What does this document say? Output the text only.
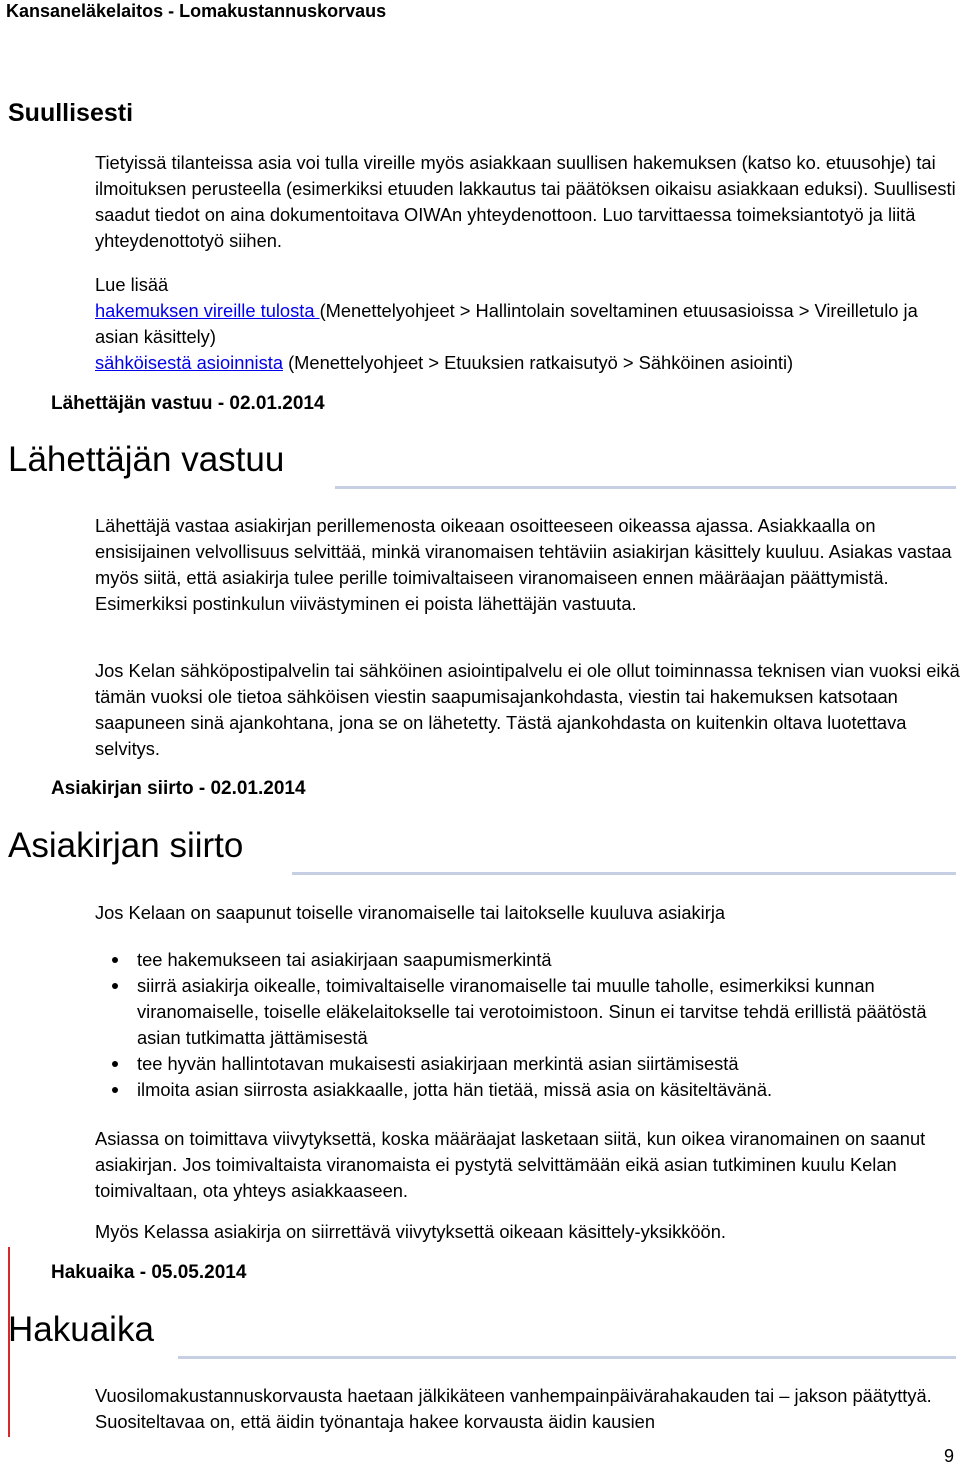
Kansaneläkelaitos - Lomakustannuskorvaus
Suullisesti

Tietyissä tilanteissa asia voi tulla vireille myös asiakkaan suullisen hakemuksen (katso ko. etuusohje) tai ilmoituksen perusteella (esimerkiksi etuuden lakkautus tai päätöksen oikaisu asiakkaan eduksi). Suullisesti saadut tiedot on aina dokumentoitava OIWAn yhteydenottoon. Luo tarvittaessa toimeksiantotyö ja liitä yhteydenottotyö siihen.

Lue lisää

hakemuksen vireille tulosta (Menettelyohjeet > Hallintolain soveltaminen etuusasioissa > Vireilletulo ja asian käsittely)

sähköisestä asioinnista (Menettelyohjeet > Etuuksien ratkaisutyö > Sähköinen asiointi)

Lähettäjän vastuu - 02.01.2014

Lähettäjän vastuu

Lähettäjä vastaa asiakirjan perillemenosta oikeaan osoitteeseen oikeassa ajassa. Asiakkaalla on ensisijainen velvollisuus selvittää, minkä viranomaisen tehtäviin asiakirjan käsittely kuuluu. Asiakas vastaa myös siitä, että asiakirja tulee perille toimivaltaiseen viranomaiseen ennen määräajan päättymistä. Esimerkiksi postinkulun viivästyminen ei poista lähettäjän vastuuta.

Jos Kelan sähköpostipalvelin tai sähköinen asiointipalvelu ei ole ollut toiminnassa teknisen vian vuoksi eikä tämän vuoksi ole tietoa sähköisen viestin saapumisajankohdasta, viestin tai hakemuksen katsotaan saapuneen sinä ajankohtana, jona se on lähetetty. Tästä ajankohdasta on kuitenkin oltava luotettava selvitys.

Asiakirjan siirto - 02.01.2014

Asiakirjan siirto

Jos Kelaan on saapunut toiselle viranomaiselle tai laitokselle kuuluva asiakirja

tee hakemukseen tai asiakirjaan saapumismerkintä
siirrä asiakirja oikealle, toimivaltaiselle viranomaiselle tai muulle taholle, esimerkiksi kunnan viranomaiselle, toiselle eläkelaitokselle tai verotoimistoon. Sinun ei tarvitse tehdä erillistä päätöstä asian tutkimatta jättämisestä
tee hyvän hallintotavan mukaisesti asiakirjaan merkintä asian siirtämisestä
ilmoita asian siirrosta asiakkaalle, jotta hän tietää, missä asia on käsiteltävänä.

Asiassa on toimittava viivytyksettä, koska määräajat lasketaan siitä, kun oikea viranomainen on saanut asiakirjan. Jos toimivaltaista viranomaista ei pystytä selvittämään eikä asian tutkiminen kuulu Kelan toimivaltaan, ota yhteys asiakkaaseen.

Myös Kelassa asiakirja on siirrettävä viivytyksettä oikeaan käsittely-yksikköön.

Hakuaika - 05.05.2014

Hakuaika

Vuosilomakustannuskorvausta haetaan jälkikäteen vanhempainpäivärahakauden tai – jakson päätyttyä. Suositeltavaa on, että äidin työnantaja hakee korvausta äidin kausien

9
